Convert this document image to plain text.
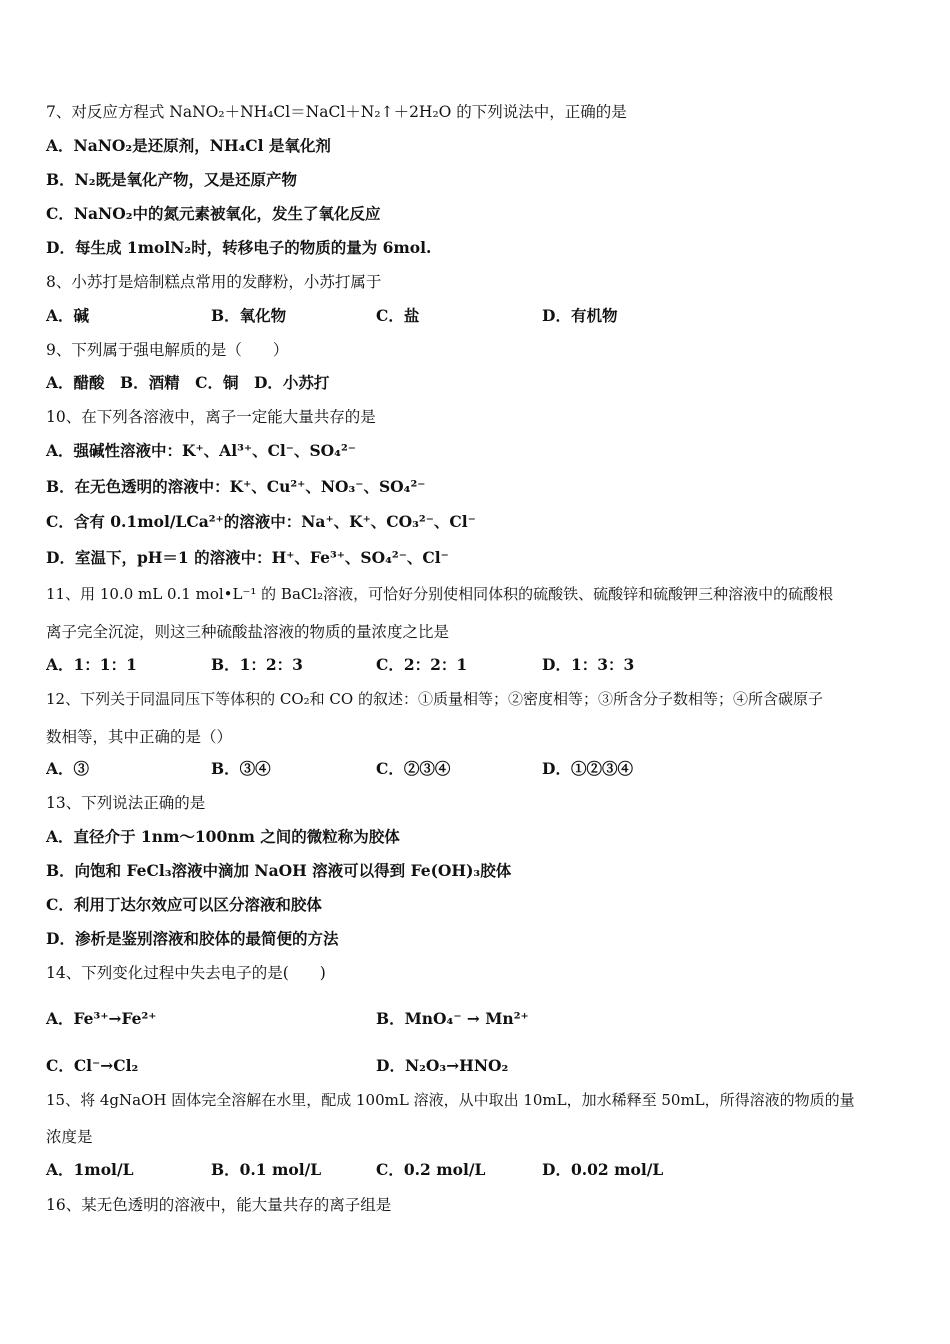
7、对反应方程式 NaNO₂＋NH₄Cl＝NaCl＋N₂↑＋2H₂O 的下列说法中，正确的是
A．NaNO₂是还原剂，NH₄Cl 是氧化剂
B．N₂既是氧化产物，又是还原产物
C．NaNO₂中的氮元素被氧化，发生了氧化反应
D．每生成 1molN₂时，转移电子的物质的量为 6mol.
8、小苏打是焙制糕点常用的发酵粉，小苏打属于
A．碱	B．氧化物	C．盐	D．有机物
9、下列属于强电解质的是（　　）
A．醋酸　B．酒精　C．铜　D．小苏打
10、在下列各溶液中，离子一定能大量共存的是
A．强碱性溶液中：K⁺、Al³⁺、Cl⁻、SO₄²⁻
B．在无色透明的溶液中：K⁺、Cu²⁺、NO₃⁻、SO₄²⁻
C．含有 0.1mol/LCa²⁺的溶液中：Na⁺、K⁺、CO₃²⁻、Cl⁻
D．室温下，pH＝1 的溶液中：H⁺、Fe³⁺、SO₄²⁻、Cl⁻
11、用 10.0 mL 0.1 mol•L⁻¹ 的 BaCl₂溶液，可恰好分别使相同体积的硫酸铁、硫酸锌和硫酸钾三种溶液中的硫酸根
离子完全沉淀，则这三种硫酸盐溶液的物质的量浓度之比是
A．1：1：1	B．1：2：3	C．2：2：1	D．1：3：3
12、下列关于同温同压下等体积的 CO₂和 CO 的叙述：①质量相等；②密度相等；③所含分子数相等；④所含碳原子
数相等，其中正确的是（）
A．③	B．③④	C．②③④	D．①②③④
13、下列说法正确的是
A．直径介于 1nm～100nm 之间的微粒称为胶体
B．向饱和 FeCl₃溶液中滴加 NaOH 溶液可以得到 Fe(OH)₃胶体
C．利用丁达尔效应可以区分溶液和胶体
D．渗析是鉴别溶液和胶体的最简便的方法
14、下列变化过程中失去电子的是(　　)
A．Fe³⁺→Fe²⁺	B．MnO₄⁻ → Mn²⁺
C．Cl⁻→Cl₂	D．N₂O₃→HNO₂
15、将 4gNaOH 固体完全溶解在水里，配成 100mL 溶液，从中取出 10mL，加水稀释至 50mL，所得溶液的物质的量
浓度是
A．1mol/L	B．0.1 mol/L	C．0.2 mol/L	D．0.02 mol/L
16、某无色透明的溶液中，能大量共存的离子组是
